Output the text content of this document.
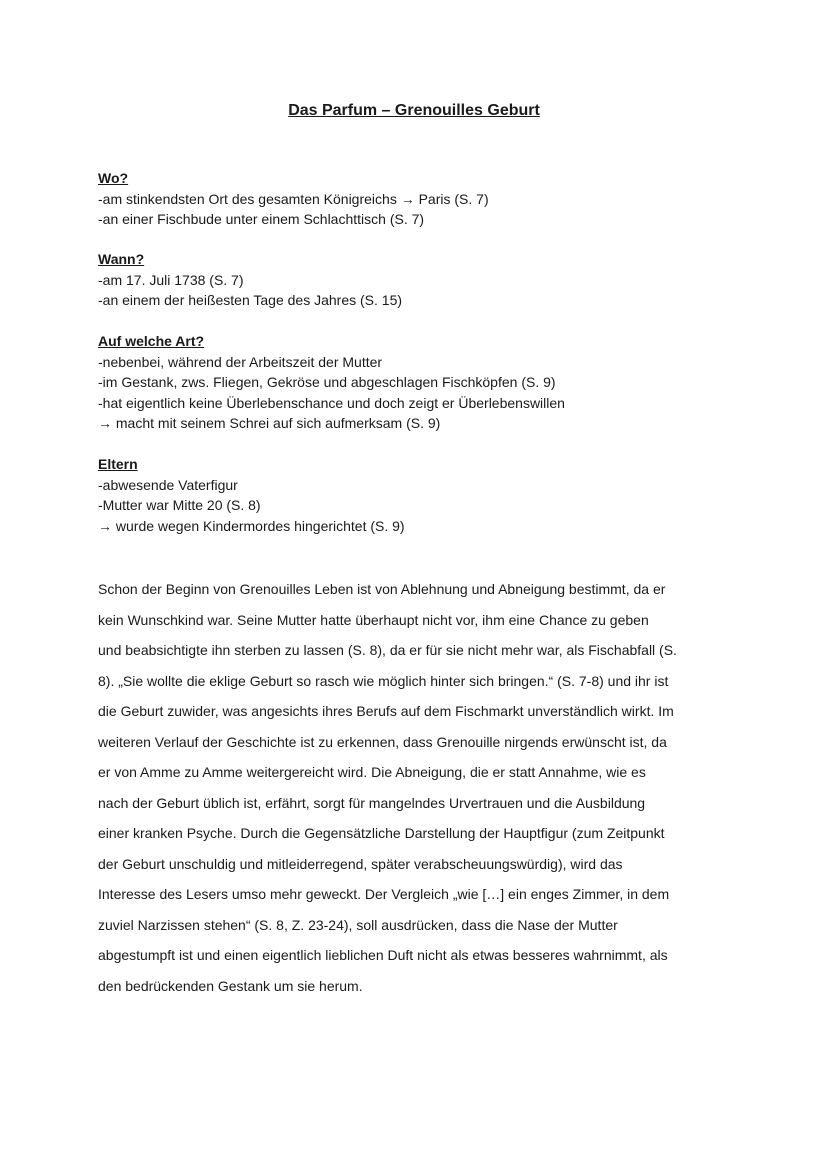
Das Parfum – Grenouilles Geburt
Wo?
-am stinkendsten Ort des gesamten Königreichs → Paris (S. 7)
-an einer Fischbude unter einem Schlachttisch (S. 7)
Wann?
-am 17. Juli 1738 (S. 7)
-an einem der heißesten Tage des Jahres (S. 15)
Auf welche Art?
-nebenbei, während der Arbeitszeit der Mutter
-im Gestank, zws. Fliegen, Gekröse und abgeschlagen Fischköpfen (S. 9)
-hat eigentlich keine Überlebenschance und doch zeigt er Überlebenswillen
→ macht mit seinem Schrei auf sich aufmerksam (S. 9)
Eltern
-abwesende Vaterfigur
-Mutter war Mitte 20 (S. 8)
→ wurde wegen Kindermordes hingerichtet (S. 9)
Schon der Beginn von Grenouilles Leben ist von Ablehnung und Abneigung bestimmt, da er
kein Wunschkind war. Seine Mutter hatte überhaupt nicht vor, ihm eine Chance zu geben
und beabsichtigte ihn sterben zu lassen (S. 8), da er für sie nicht mehr war, als Fischabfall (S.
8). „Sie wollte die eklige Geburt so rasch wie möglich hinter sich bringen.“ (S. 7-8) und ihr ist
die Geburt zuwider, was angesichts ihres Berufs auf dem Fischmarkt unverständlich wirkt. Im
weiteren Verlauf der Geschichte ist zu erkennen, dass Grenouille nirgends erwünscht ist, da
er von Amme zu Amme weitergereicht wird. Die Abneigung, die er statt Annahme, wie es
nach der Geburt üblich ist, erfährt, sorgt für mangelndes Urvertrauen und die Ausbildung
einer kranken Psyche. Durch die Gegensätzliche Darstellung der Hauptfigur (zum Zeitpunkt
der Geburt unschuldig und mitleiderregend, später verabscheuungswürdig), wird das
Interesse des Lesers umso mehr geweckt. Der Vergleich „wie […] ein enges Zimmer, in dem
zuviel Narzissen stehen“ (S. 8, Z. 23-24), soll ausdrücken, dass die Nase der Mutter
abgestumpft ist und einen eigentlich lieblichen Duft nicht als etwas besseres wahrnimmt, als
den bedrückenden Gestank um sie herum.
